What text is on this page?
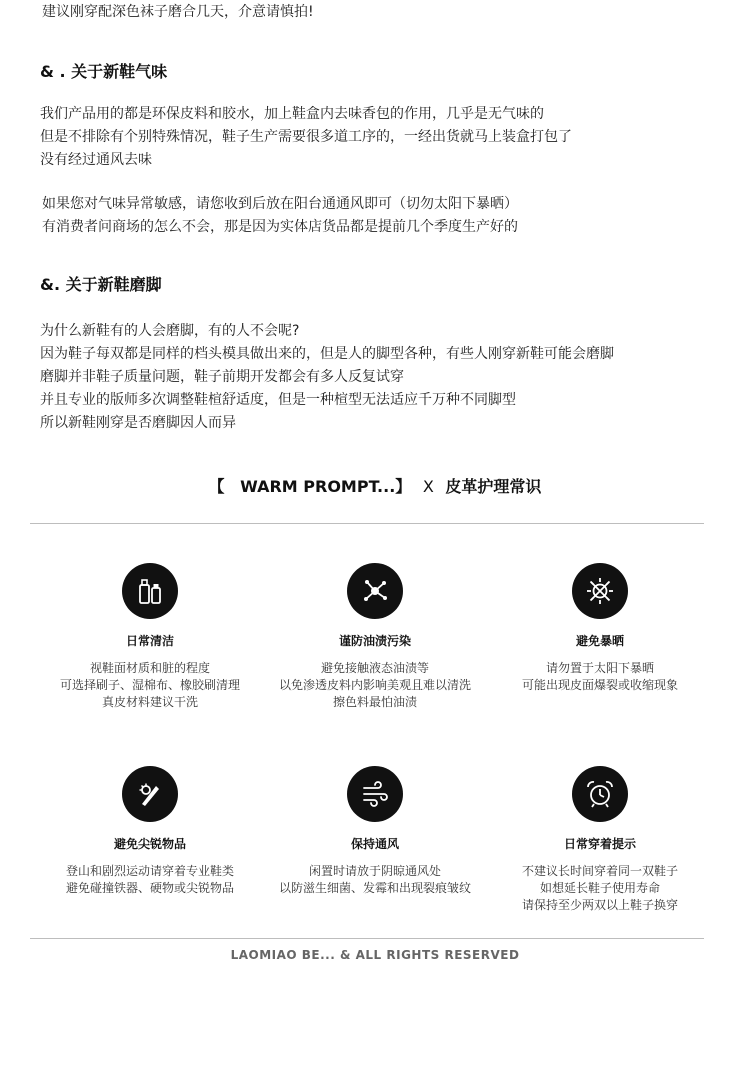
建议刚穿配深色袜子磨合几天，介意请慎拍!
& . 关于新鞋气味
我们产品用的都是环保皮料和胶水，加上鞋盒内去味香包的作用，几乎是无气味的
但是不排除有个别特殊情况，鞋子生产需要很多道工序的，一经出货就马上装盒打包了
没有经过通风去味
如果您对气味异常敏感，请您收到后放在阳台通通风即可（切勿太阳下暴晒）
有消费者问商场的怎么不会，那是因为实体店货品都是提前几个季度生产好的
&. 关于新鞋磨脚
为什么新鞋有的人会磨脚，有的人不会呢?
因为鞋子每双都是同样的档头模具做出来的，但是人的脚型各种，有些人刚穿新鞋可能会磨脚
磨脚并非鞋子质量问题，鞋子前期开发都会有多人反复试穿
并且专业的版师多次调整鞋楦舒适度，但是一种楦型无法适应千万种不同脚型
所以新鞋刚穿是否磨脚因人而异
【 WARM PROMPT...】 X 皮革护理常识
日常清洁
视鞋面材质和脏的程度
可选择刷子、湿棉布、橡胶刷清理
真皮材料建议干洗
谨防油渍污染
避免接触液态油渍等
以免渗透皮料内影响美观且难以清洗
擦色料最怕油渍
避免暴晒
请勿置于太阳下暴晒
可能出现皮面爆裂或收缩现象
避免尖锐物品
登山和剧烈运动请穿着专业鞋类
避免碰撞铁器、硬物或尖锐物品
保持通风
闲置时请放于阴晾通风处
以防滋生细菌、发霉和出现裂痕皱纹
日常穿着提示
不建议长时间穿着同一双鞋子
如想延长鞋子使用寿命
请保持至少两双以上鞋子换穿
LAOMIAO BE... & ALL RIGHTS RESERVED
